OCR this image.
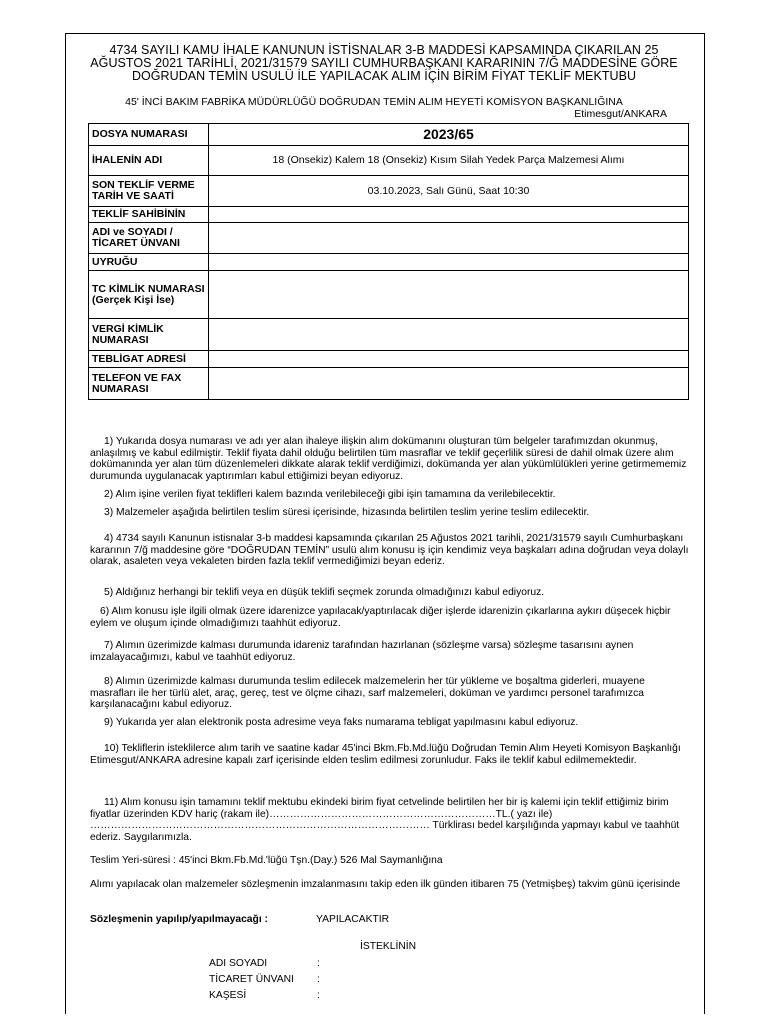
4734 SAYILI KAMU İHALE KANUNUN İSTİSNALAR 3-B MADDESİ KAPSAMINDA ÇIKARILAN 25 AĞUSTOS 2021 TARİHLİ, 2021/31579 SAYILI CUMHURBAŞKANI KARARININ 7/Ğ MADDESİNE GÖRE DOĞRUDAN TEMİN USULÜ İLE YAPILACAK ALIM İÇİN BİRİM FİYAT TEKLİF MEKTUBU
45' İNCİ BAKIM FABRİKA MÜDÜRLÜĞÜ DOĞRUDAN TEMİN ALIM HEYETİ KOMİSYON BAŞKANLIĞINA
Etimesgut/ANKARA
DOSYA NUMARASI	2023/65
İHALENİN ADI	18 (Onsekiz) Kalem 18 (Onsekiz) Kısım Silah Yedek Parça Malzemesi Alımı
SON TEKLİF VERME TARİH VE SAATİ	03.10.2023, Salı Günü, Saat 10:30
TEKLİF SAHİBİNİN	
ADI ve SOYADI / TİCARET ÜNVANI	
UYRUĞU	
TC KİMLİK NUMARASI (Gerçek Kişi İse)	
VERGİ KİMLİK NUMARASI	
TEBLİGAT ADRESİ	
TELEFON VE FAX NUMARASI	
1) Yukarıda dosya numarası ve adı yer alan ihaleye ilişkin alım dokümanını oluşturan tüm belgeler tarafımızdan okunmuş, anlaşılmış ve kabul edilmiştir. Teklif fiyata dahil olduğu belirtilen tüm masraflar ve teklif geçerlilik süresi de dahil olmak üzere alım dokümanında yer alan tüm düzenlemeleri dikkate alarak teklif verdiğimizi, dokümanda yer alan yükümlülükleri yerine getirmememiz durumunda uygulanacak yaptırımları kabul ettiğimizi beyan ediyoruz.
2) Alım işine verilen fiyat teklifleri kalem bazında verilebileceği gibi işin tamamına da verilebilecektir.
3) Malzemeler aşağıda belirtilen teslim süresi içerisinde, hizasında belirtilen teslim yerine teslim edilecektir.
4) 4734 sayılı Kanunun istisnalar 3-b maddesi kapsamında çıkarılan 25 Ağustos 2021 tarihli, 2021/31579 sayılı Cumhurbaşkanı kararının 7/ğ maddesine göre “DOĞRUDAN TEMİN” usulü alım konusu iş için kendimiz veya başkaları adına doğrudan veya dolaylı olarak, asaleten veya vekaleten birden fazla teklif vermediğimizi beyan ederiz.
5) Aldığınız herhangi bir teklifi veya en düşük teklifi seçmek zorunda olmadığınızı kabul ediyoruz.
6) Alım konusu işle ilgili olmak üzere idarenizce yapılacak/yaptırılacak diğer işlerde idarenizin çıkarlarına aykırı düşecek hiçbir eylem ve oluşum içinde olmadığımızı taahhüt ediyoruz.
7) Alımın üzerimizde kalması durumunda idareniz tarafından hazırlanan (sözleşme varsa) sözleşme tasarısını aynen imzalayacağımızı, kabul ve taahhüt ediyoruz.
8) Alımın üzerimizde kalması durumunda teslim edilecek malzemelerin her tür yükleme ve boşaltma giderleri, muayene masrafları ile her türlü alet, araç, gereç, test ve ölçme cihazı, sarf malzemeleri, doküman ve yardımcı personel tarafımızca karşılanacağını kabul ediyoruz.
9) Yukarıda yer alan elektronik posta adresime veya faks numarama tebligat yapılmasını kabul ediyoruz.
10) Tekliflerin isteklilerce alım tarih ve saatine kadar 45'inci Bkm.Fb.Md.lüğü Doğrudan Temin Alım Heyeti Komisyon Başkanlığı Etimesgut/ANKARA adresine kapalı zarf içerisinde elden teslim edilmesi zorunludur. Faks ile teklif kabul edilmemektedir.
11) Alım konusu işin tamamını teklif mektubu ekindeki birim fiyat cetvelinde belirtilen her bir iş kalemi için teklif ettiğimiz birim fiyatlar üzerinden KDV hariç (rakam ile)…………………………………………………………TL.( yazı ile) ……………………………………………………………………………………… Türklirası bedel karşılığında yapmayı kabul ve taahhüt ederiz. Saygılarımızla.
Teslim Yeri-süresi : 45'inci Bkm.Fb.Md.'lüğü Tşn.(Day.) 526 Mal Saymanlığına
Alımı yapılacak olan malzemeler sözleşmenin imzalanmasını takip eden ilk günden itibaren 75 (Yetmişbeş) takvim günü içerisinde
Sözleşmenin yapılıp/yapılmayacağı :	YAPILACAKTIR
İSTEKLİNİN
ADI SOYADI	:
TİCARET ÜNVANI :
KAŞESİ	:
